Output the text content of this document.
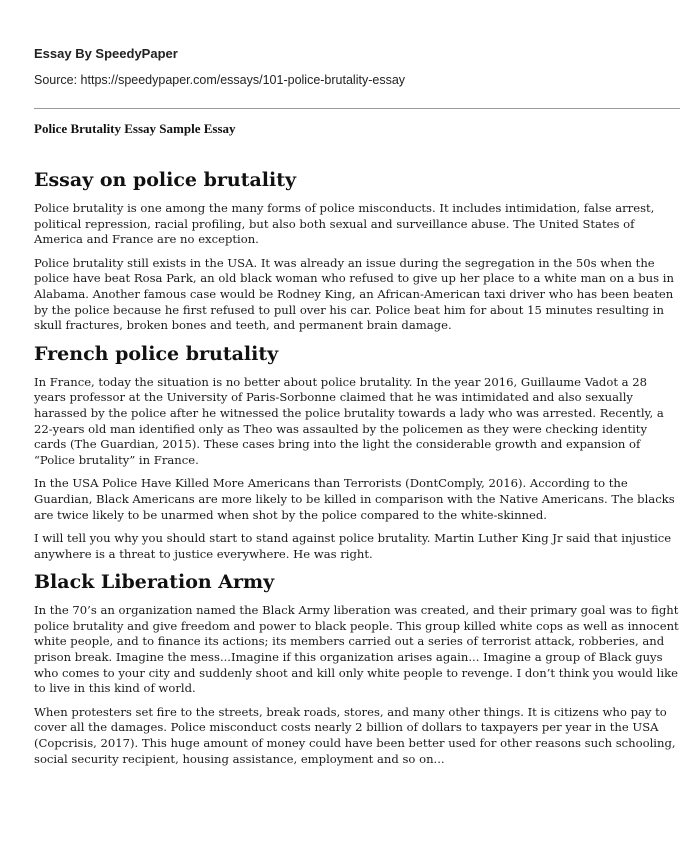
Essay By SpeedyPaper
Source: https://speedypaper.com/essays/101-police-brutality-essay
Police Brutality Essay Sample Essay
Essay on police brutality

Police brutality is one among the many forms of police misconducts. It includes intimidation, false arrest, political repression, racial profiling, but also both sexual and surveillance abuse. The United States of America and France are no exception.

Police brutality still exists in the USA. It was already an issue during the segregation in the 50s when the police have beat Rosa Park, an old black woman who refused to give up her place to a white man on a bus in Alabama. Another famous case would be Rodney King, an African-American taxi driver who has been beaten by the police because he first refused to pull over his car. Police beat him for about 15 minutes resulting in skull fractures, broken bones and teeth, and permanent brain damage.

French police brutality

In France, today the situation is no better about police brutality. In the year 2016, Guillaume Vadot a 28 years professor at the University of Paris-Sorbonne claimed that he was intimidated and also sexually harassed by the police after he witnessed the police brutality towards a lady who was arrested. Recently, a 22-years old man identified only as Theo was assaulted by the policemen as they were checking identity cards (The Guardian, 2015). These cases bring into the light the considerable growth and expansion of “Police brutality” in France.

In the USA Police Have Killed More Americans than Terrorists (DontComply, 2016). According to the Guardian, Black Americans are more likely to be killed in comparison with the Native Americans. The blacks are twice likely to be unarmed when shot by the police compared to the white-skinned.

I will tell you why you should start to stand against police brutality. Martin Luther King Jr said that injustice anywhere is a threat to justice everywhere. He was right.

Black Liberation Army

In the 70’s an organization named the Black Army liberation was created, and their primary goal was to fight police brutality and give freedom and power to black people. This group killed white cops as well as innocent white people, and to finance its actions; its members carried out a series of terrorist attack, robberies, and prison break. Imagine the mess...Imagine if this organization arises again... Imagine a group of Black guys who comes to your city and suddenly shoot and kill only white people to revenge. I don’t think you would like to live in this kind of world.

When protesters set fire to the streets, break roads, stores, and many other things. It is citizens who pay to cover all the damages. Police misconduct costs nearly 2 billion of dollars to taxpayers per year in the USA (Copcrisis, 2017). This huge amount of money could have been better used for other reasons such schooling, social security recipient, housing assistance, employment and so on...
